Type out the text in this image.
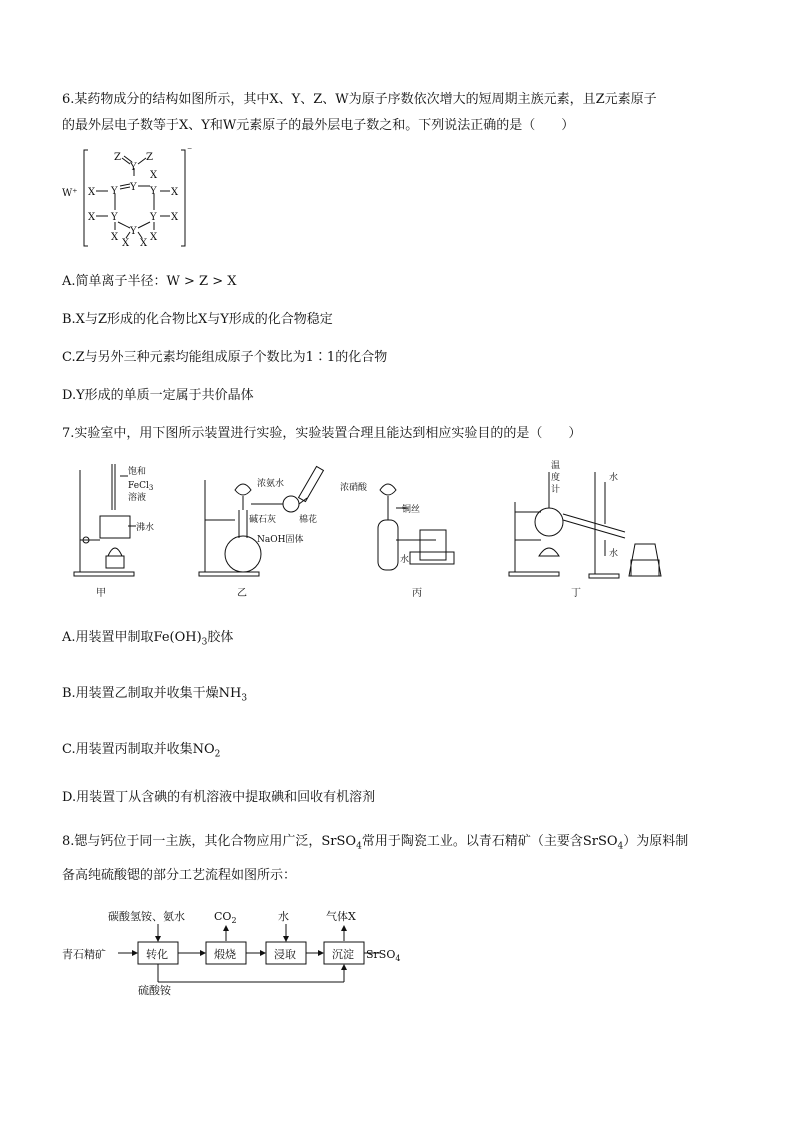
6.某药物成分的结构如图所示，其中X、Y、Z、W为原子序数依次增大的短周期主族元素，且Z元素原子
的最外层电子数等于X、Y和W元素原子的最外层电子数之和。下列说法正确的是（　　）
W⁺
⁻
Z	Z
Y
Y
X
Y	Y
X	X
Y	Y
X	X
Y
X	X
X X
A.简单离子半径：W > Z > X
B.X与Z形成的化合物比X与Y形成的化合物稳定
C.Z与另外三种元素均能组成原子个数比为1∶1的化合物
D.Y形成的单质一定属于共价晶体
7.实验室中，用下图所示装置进行实验，实验装置合理且能达到相应实验目的的是（　　）
饱和
FeCl$_3$
溶液
沸水
甲
浓氨水
碱石灰	棉花
NaOH固体
乙
浓硝酸
铜丝
水
丙
温
度
计
水
水
丁
A.用装置甲制取$Fe(OH)_3$胶体
B.用装置乙制取并收集干燥$NH_3$
C.用装置丙制取并收集$NO_2$
D.用装置丁从含碘的有机溶液中提取碘和回收有机溶剂
8.锶与钙位于同一主族，其化合物应用广泛，SrSO$_4$常用于陶瓷工业。以青石精矿（主要含SrSO$_4$）为原料制
备高纯硫酸锶的部分工艺流程如图所示：
青石精矿
碳酸氢铵、氨水	$CO_2$	水	气体X
SrSO$_4$
硫酸铵
转化	煅烧	浸取	沉淀
